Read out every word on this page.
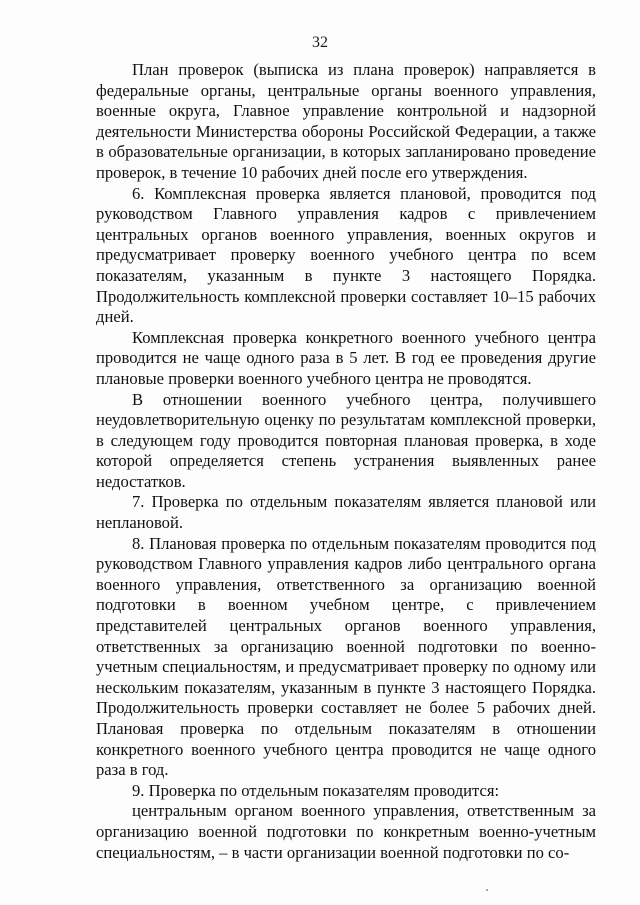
32

План проверок (выписка из плана проверок) направляется в федеральные органы, центральные органы военного управления, военные округа, Главное управление контрольной и надзорной деятельности Министерства обороны Российской Федерации, а также в образовательные организации, в которых запланировано проведение проверок, в течение 10 рабочих дней после его утверждения.

6. Комплексная проверка является плановой, проводится под руководством Главного управления кадров с привлечением центральных органов военного управления, военных округов и предусматривает проверку военного учебного центра по всем показателям, указанным в пункте 3 настоящего Порядка. Продолжительность комплексной проверки составляет 10–15 рабочих дней.

Комплексная проверка конкретного военного учебного центра проводится не чаще одного раза в 5 лет. В год ее проведения другие плановые проверки военного учебного центра не проводятся.

В отношении военного учебного центра, получившего неудовлетворительную оценку по результатам комплексной проверки, в следующем году проводится повторная плановая проверка, в ходе которой определяется степень устранения выявленных ранее недостатков.

7. Проверка по отдельным показателям является плановой или неплановой.

8. Плановая проверка по отдельным показателям проводится под руководством Главного управления кадров либо центрального органа военного управления, ответственного за организацию военной подготовки в военном учебном центре, с привлечением представителей центральных органов военного управления, ответственных за организацию военной подготовки по военно-учетным специальностям, и предусматривает проверку по одному или нескольким показателям, указанным в пункте 3 настоящего Порядка. Продолжительность проверки составляет не более 5 рабочих дней. Плановая проверка по отдельным показателям в отношении конкретного военного учебного центра проводится не чаще одного раза в год.

9. Проверка по отдельным показателям проводится:

центральным органом военного управления, ответственным за организацию военной подготовки по конкретным военно-учетным специальностям, – в части организации военной подготовки по со-
